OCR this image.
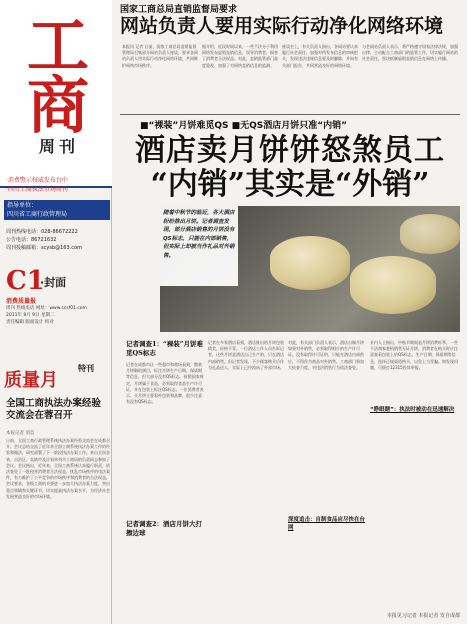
工商
周刊
·消费警示权威发布台中
·四川工商执法市场周刊
指导单位：
四川省工商行政管理局
周刊热线电话：028-86672222
公告电话：86721632
周刊投稿邮箱：scysb@163.com
C1
·封面
消费质量报
周刊 热线电话 网址：www.scsf01.com
2011年 8月 9日 星期二
责任编辑 版面设计 校对
质量月
特刊
全国工商执法办案经验交流会在蓉召开
本报记者 消息
日前，全国工商行政管理系统执法办案经验交流会在成都召开。会议总结交流了近年来全国工商系统执法办案工作的经验和做法，研究部署了下一阶段执法办案工作。来自全国各省、自治区、直辖市及计划单列市工商局的负责同志参加了会议。会议指出，近年来，全国工商系统认真履行职责，依法查处了一批侵害消费者合法权益、扰乱市场秩序的违法案件，有力维护了公平竞争的市场秩序和消费者的合法权益。会议要求，各级工商机关要进一步加大执法办案力度，突出重点领域和关键环节，切实提高执法办案水平，为经济社会发展营造良好的市场环境。
国家工商总局直销监督局要求
网站负责人要用实际行动净化网络环境
本报讯 记者 日前，国家工商总局直销监督管理局召集部分网站负责人座谈，要求各网站负责人用实际行动净化网络环境，共同维护网络市场秩序。
据介绍，近段时间以来，一些不法分子利用网络发布虚假直销信息，误导消费者，损害了消费者合法权益。对此，直销监管部门高度重视，加强了对网络直销信息的监测。
座谈会上，有关负责人指出，各网站要认真履行社会责任，加强对所发布信息的审核把关，发现违法违规信息要及时删除，并向有关部门报告，共同营造良好的网络环境。
与会网站负责人表示，将严格遵守国家法律法规，加强自律，主动配合工商部门的监管工作，切实履行网站的社会责任，坚决抵制虚假直销信息在网络上传播。
■“裸装”月饼难觅QS ■无QS酒店月饼只准“内销”
酒店卖月饼饼怒煞员工
“内销”其实是“外销”
随着中秋节的临近，各大酒店纷纷推出月饼。记者调查发现，部分酒店销售的月饼没有QS标志，只能在内部销售，但实际上却被当作礼品对外销售。
记者调查1：“裸装”月饼难觅QS标志
记者在成都市区一些超市和商场看到，散装月饼琳琅满目，标注月饼生产日期、保质期等信息，但大部分没有QS标志。按照国家规定，月饼属于食品，必须取得食品生产许可证，并在包装上标注QS标志。一位消费者表示，买月饼主要看外包装和品牌，很少注意有没有QS标志。
记者调查2：酒店月饼大打擦边球
记者在多家酒店看到，酒店推出的月饼包装精美，价格不菲。一位酒店工作人员告诉记者，这些月饼是酒店自己生产的，只在酒店内部销售。但记者发现，不少顾客购买后作为礼品送人，实际上已经流向了外部市场。
对此，有关部门负责人表示，酒店自制月饼如果对外销售，必须取得相应的生产许可证。没有取得许可证的，只能在酒店内部供应，不得作为商品对外销售。工商部门将加大检查力度，对违法销售行为依法查处。
深度追击：自制食品应尽快在台网
业内人士指出，中秋节期间是月饼消费旺季，一些不法商家趁机销售无证月饼，消费者在购买时应注意查看包装上的QS标志、生产日期、保质期等信息，选择正规渠道购买，以免上当受骗。如发现问题，可拨打12315投诉举报。
“睁眼瞎”：执法时被动在迅速解决
本报见习记者 本报记者 发自成都
